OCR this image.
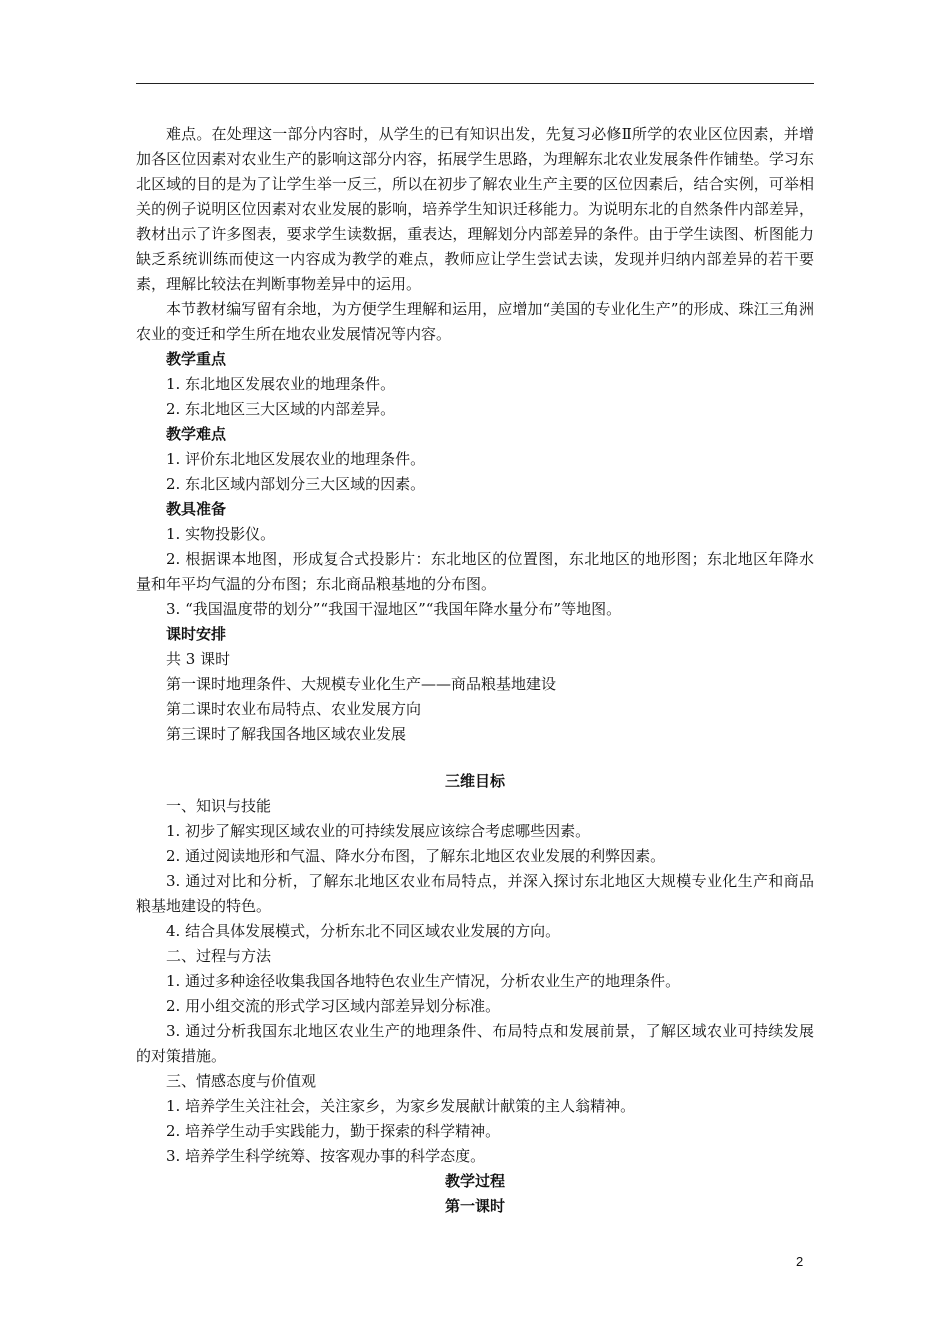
难点。在处理这一部分内容时，从学生的已有知识出发，先复习必修Ⅱ所学的农业区位因素，并增加各区位因素对农业生产的影响这部分内容，拓展学生思路，为理解东北农业发展条件作铺垫。学习东北区域的目的是为了让学生举一反三，所以在初步了解农业生产主要的区位因素后，结合实例，可举相关的例子说明区位因素对农业发展的影响，培养学生知识迁移能力。为说明东北的自然条件内部差异，教材出示了许多图表，要求学生读数据，重表达，理解划分内部差异的条件。由于学生读图、析图能力缺乏系统训练而使这一内容成为教学的难点，教师应让学生尝试去读，发现并归纳内部差异的若干要素，理解比较法在判断事物差异中的运用。

本节教材编写留有余地，为方便学生理解和运用，应增加“美国的专业化生产”的形成、珠江三角洲农业的变迁和学生所在地农业发展情况等内容。

教学重点

1. 东北地区发展农业的地理条件。

2. 东北地区三大区域的内部差异。

教学难点

1. 评价东北地区发展农业的地理条件。

2. 东北区域内部划分三大区域的因素。

教具准备

1. 实物投影仪。

2. 根据课本地图，形成复合式投影片：东北地区的位置图，东北地区的地形图；东北地区年降水量和年平均气温的分布图；东北商品粮基地的分布图。

3. “我国温度带的划分”“我国干湿地区”“我国年降水量分布”等地图。

课时安排

共 3 课时

第一课时地理条件、大规模专业化生产——商品粮基地建设

第二课时农业布局特点、农业发展方向

第三课时了解我国各地区域农业发展

三维目标

一、知识与技能

1. 初步了解实现区域农业的可持续发展应该综合考虑哪些因素。

2. 通过阅读地形和气温、降水分布图，了解东北地区农业发展的利弊因素。

3. 通过对比和分析，了解东北地区农业布局特点，并深入探讨东北地区大规模专业化生产和商品粮基地建设的特色。

4. 结合具体发展模式，分析东北不同区域农业发展的方向。

二、过程与方法

1. 通过多种途径收集我国各地特色农业生产情况，分析农业生产的地理条件。

2. 用小组交流的形式学习区域内部差异划分标准。

3. 通过分析我国东北地区农业生产的地理条件、布局特点和发展前景，了解区域农业可持续发展的对策措施。

三、情感态度与价值观

1. 培养学生关注社会，关注家乡，为家乡发展献计献策的主人翁精神。

2. 培养学生动手实践能力，勤于探索的科学精神。

3. 培养学生科学统筹、按客观办事的科学态度。

教学过程

第一课时

2
